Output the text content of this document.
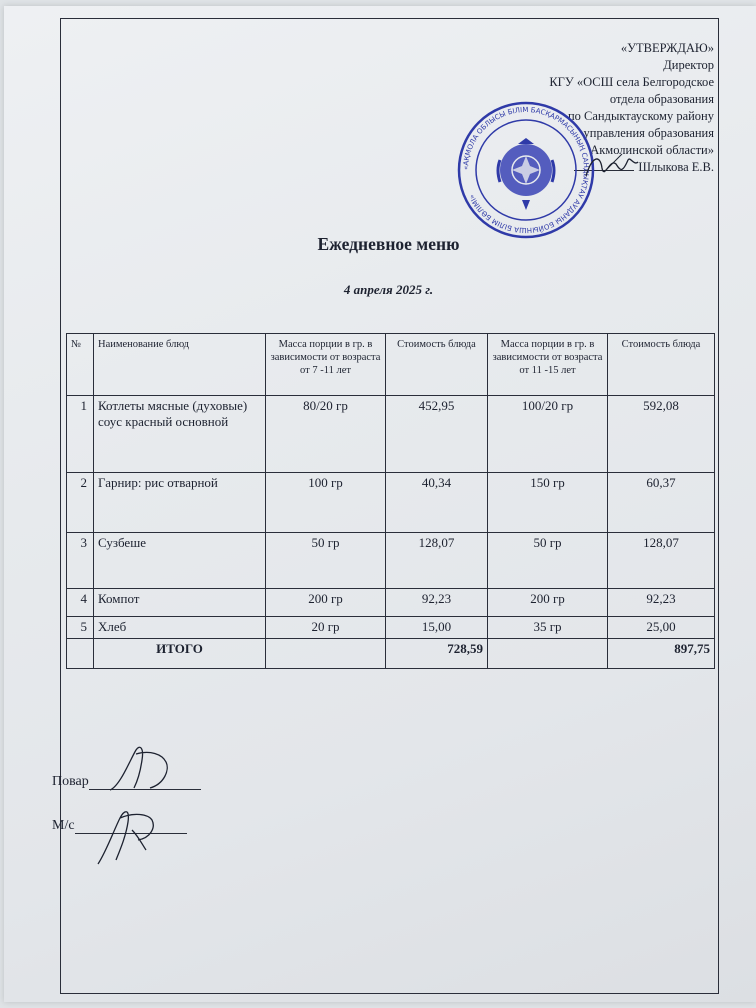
«УТВЕРЖДАЮ»
Директор
КГУ «ОСШ села Белгородское
отдела образования
по Сандыктаускому району
управления образования
Акмолинской области»
Шлыкова Е.В.
«АҚМОЛА ОБЛЫСЫ БІЛІМ БАСҚАРМАСЫНЫҢ САНДЫҚТАУ АУДАНЫ БОЙЫНША БІЛІМ БӨЛІМІ»
Ежедневное меню
4 апреля 2025 г.
№	Наименование блюд	Масса порции в гр. в зависимости от возраста от 7 -11 лет	Стоимость блюда	Масса порции в гр. в зависимости от возраста от 11 -15 лет	Стоимость блюда
1	Котлеты мясные (духовые) соус красный основной	80/20 гр	452,95	100/20 гр	592,08
2	Гарнир: рис отварной	100 гр	40,34	150 гр	60,37
3	Сузбеше	50 гр	128,07	50 гр	128,07
4	Компот	200 гр	92,23	200 гр	92,23
5	Хлеб	20 гр	15,00	35 гр	25,00
	ИТОГО		728,59		897,75
Повар
М/с
